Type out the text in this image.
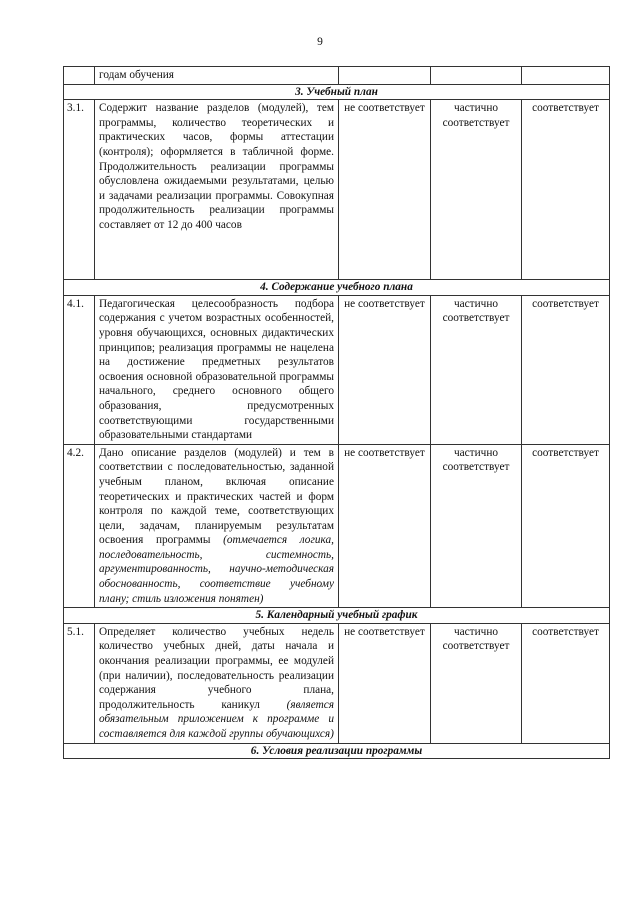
9
	годам обучения			
3. Учебный план				
3.1.	Содержит название разделов (модулей), тем программы, количество теоретических и практических часов, формы аттестации (контроля); оформляется в табличной форме. Продолжительность реализации программы обусловлена ожидаемыми результатами, целью и задачами реализации программы. Совокупная продолжительность реализации программы составляет от 12 до 400 часов	не соответствует	частично соответствует	соответствует
4. Содержание учебного плана				
4.1.	Педагогическая целесообразность подбора содержания с учетом возрастных особенностей, уровня обучающихся, основных дидактических принципов; реализация программы не нацелена на достижение предметных результатов освоения основной образовательной программы начального, среднего основного общего образования, предусмотренных соответствующими государственными образовательными стандартами	не соответствует	частично соответствует	соответствует
4.2.	Дано описание разделов (модулей) и тем в соответствии с последовательностью, заданной учебным планом, включая описание теоретических и практических частей и форм контроля по каждой теме, соответствующих цели, задачам, планируемым результатам освоения программы (отмечается логика, последовательность, системность, аргументированность, научно-методическая обоснованность, соответствие учебному плану; стиль изложения понятен)	не соответствует	частично соответствует	соответствует
5. Календарный учебный график				
5.1.	Определяет количество учебных недель количество учебных дней, даты начала и окончания реализации программы, ее модулей (при наличии), последовательность реализации содержания учебного плана, продолжительность каникул (является обязательным приложением к программе и составляется для каждой группы обучающихся)	не соответствует	частично соответствует	соответствует
6. Условия реализации программы				
